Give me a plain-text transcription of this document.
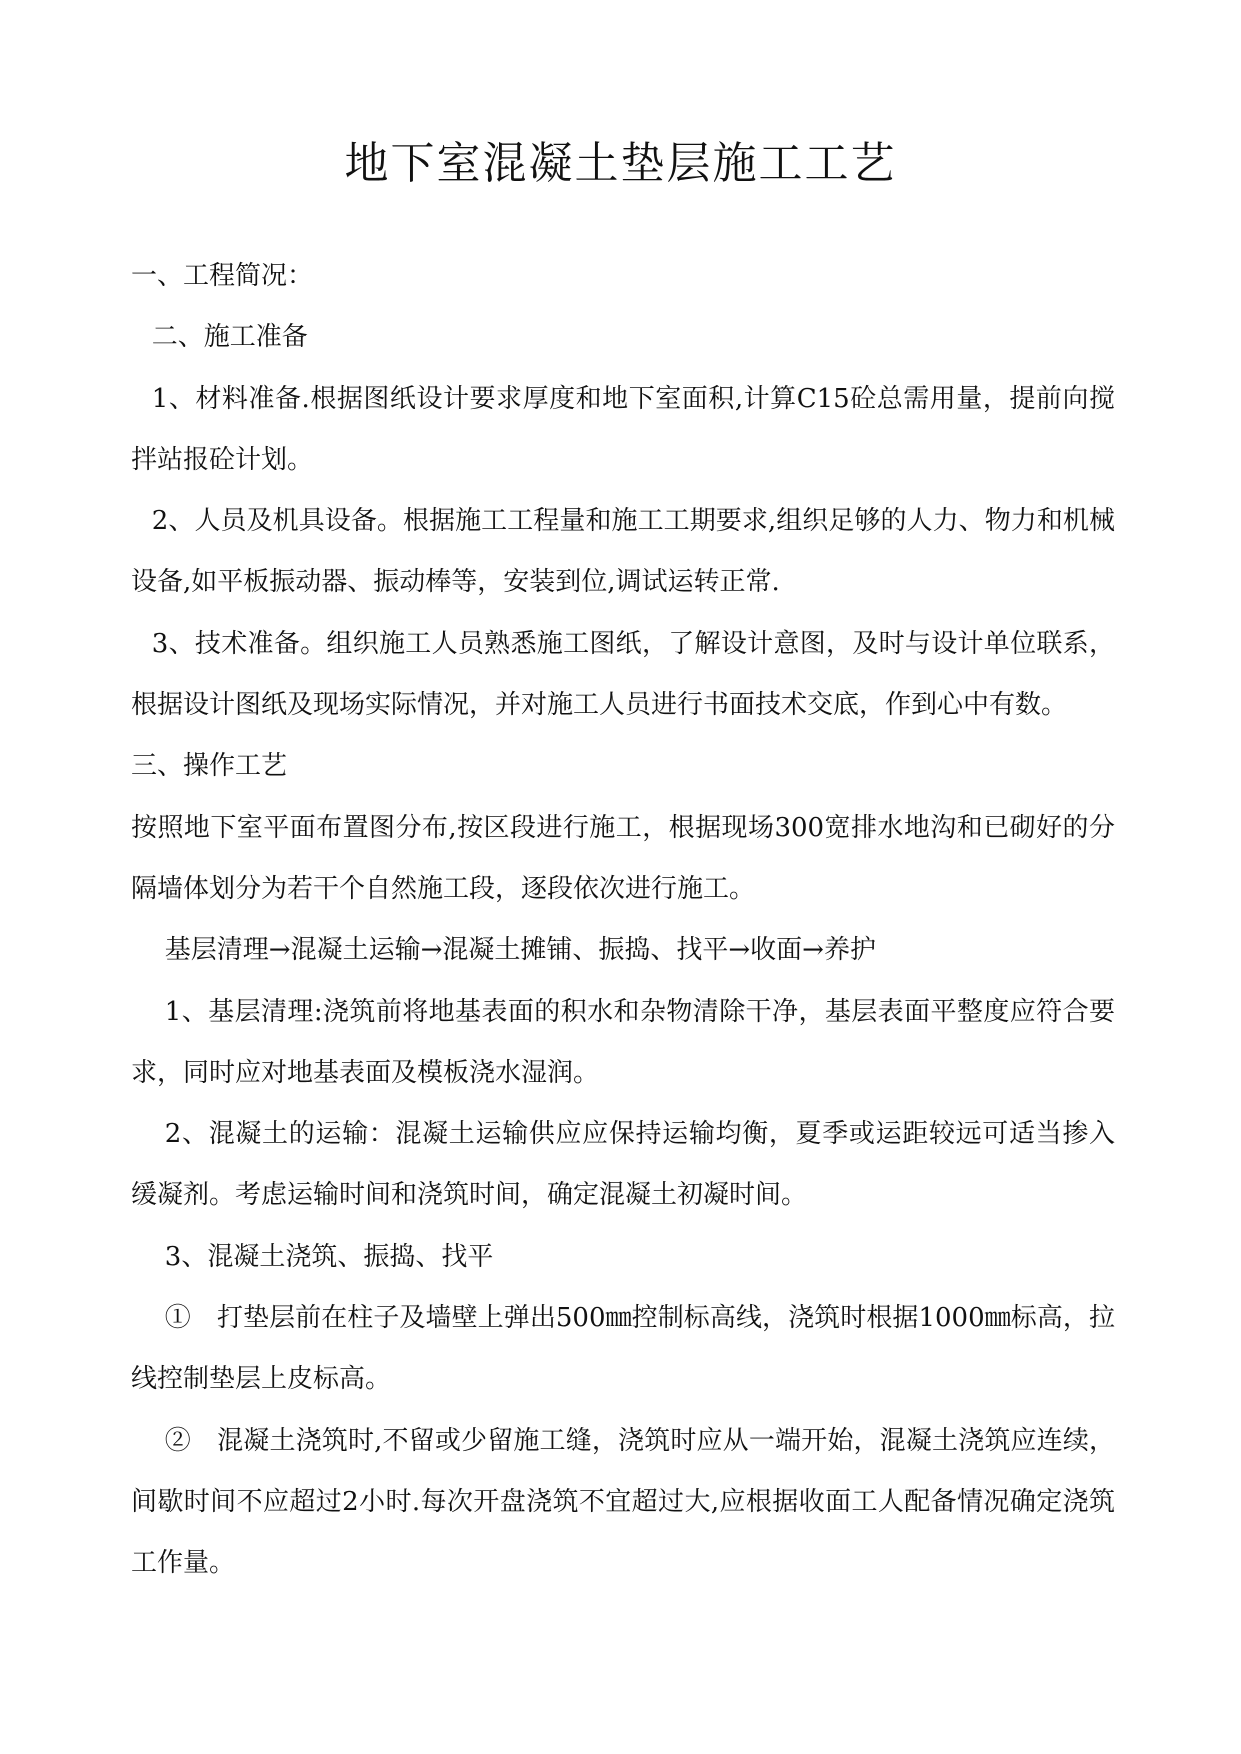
地下室混凝土垫层施工工艺

一、工程简况：

二、施工准备

1、材料准备.根据图纸设计要求厚度和地下室面积,计算C15砼总需用量，提前向搅拌站报砼计划。

2、人员及机具设备。根据施工工程量和施工工期要求,组织足够的人力、物力和机械设备,如平板振动器、振动棒等，安装到位,调试运转正常.

3、技术准备。组织施工人员熟悉施工图纸，了解设计意图，及时与设计单位联系，根据设计图纸及现场实际情况，并对施工人员进行书面技术交底，作到心中有数。

三、操作工艺

按照地下室平面布置图分布,按区段进行施工，根据现场300宽排水地沟和已砌好的分隔墙体划分为若干个自然施工段，逐段依次进行施工。

基层清理→混凝土运输→混凝土摊铺、振捣、找平→收面→养护

1、基层清理:浇筑前将地基表面的积水和杂物清除干净，基层表面平整度应符合要求，同时应对地基表面及模板浇水湿润。

2、混凝土的运输：混凝土运输供应应保持运输均衡，夏季或运距较远可适当掺入缓凝剂。考虑运输时间和浇筑时间，确定混凝土初凝时间。

3、混凝土浇筑、振捣、找平

①　打垫层前在柱子及墙壁上弹出500㎜控制标高线，浇筑时根据1000㎜标高，拉线控制垫层上皮标高。

②　混凝土浇筑时,不留或少留施工缝，浇筑时应从一端开始，混凝土浇筑应连续，间歇时间不应超过2小时.每次开盘浇筑不宜超过大,应根据收面工人配备情况确定浇筑工作量。
